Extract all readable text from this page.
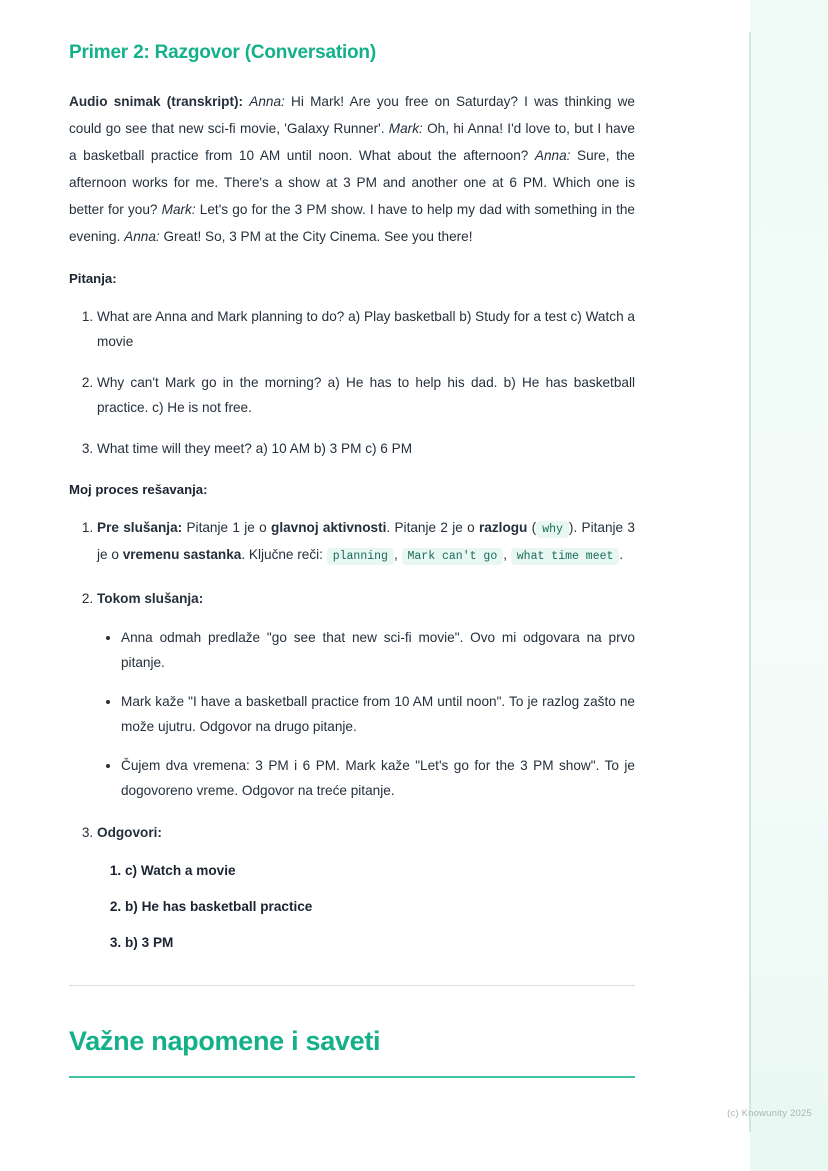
Primer 2: Razgovor (Conversation)

Audio snimak (transkript): Anna: Hi Mark! Are you free on Saturday? I was thinking we could go see that new sci-fi movie, 'Galaxy Runner'. Mark: Oh, hi Anna! I'd love to, but I have a basketball practice from 10 AM until noon. What about the afternoon? Anna: Sure, the afternoon works for me. There's a show at 3 PM and another one at 6 PM. Which one is better for you? Mark: Let's go for the 3 PM show. I have to help my dad with something in the evening. Anna: Great! So, 3 PM at the City Cinema. See you there!

Pitanja:

1. What are Anna and Mark planning to do? a) Play basketball b) Study for a test c) Watch a movie
2. Why can't Mark go in the morning? a) He has to help his dad. b) He has basketball practice. c) He is not free.
3. What time will they meet? a) 10 AM b) 3 PM c) 6 PM

Moj proces rešavanja:

1. Pre slušanja: Pitanje 1 je o glavnoj aktivnosti. Pitanje 2 je o razlogu ( why ). Pitanje 3 je o vremenu sastanka. Ključne reči: planning , Mark can't go , what time meet .
2. Tokom slušanja:
• Anna odmah predlaže "go see that new sci-fi movie". Ovo mi odgovara na prvo pitanje.
• Mark kaže "I have a basketball practice from 10 AM until noon". To je razlog zašto ne može ujutru. Odgovor na drugo pitanje.
• Čujem dva vremena: 3 PM i 6 PM. Mark kaže "Let's go for the 3 PM show". To je dogovoreno vreme. Odgovor na treće pitanje.
3. Odgovori:
1. c) Watch a movie
2. b) He has basketball practice
3. b) 3 PM
Važne napomene i saveti
(c) Knowunity 2025
